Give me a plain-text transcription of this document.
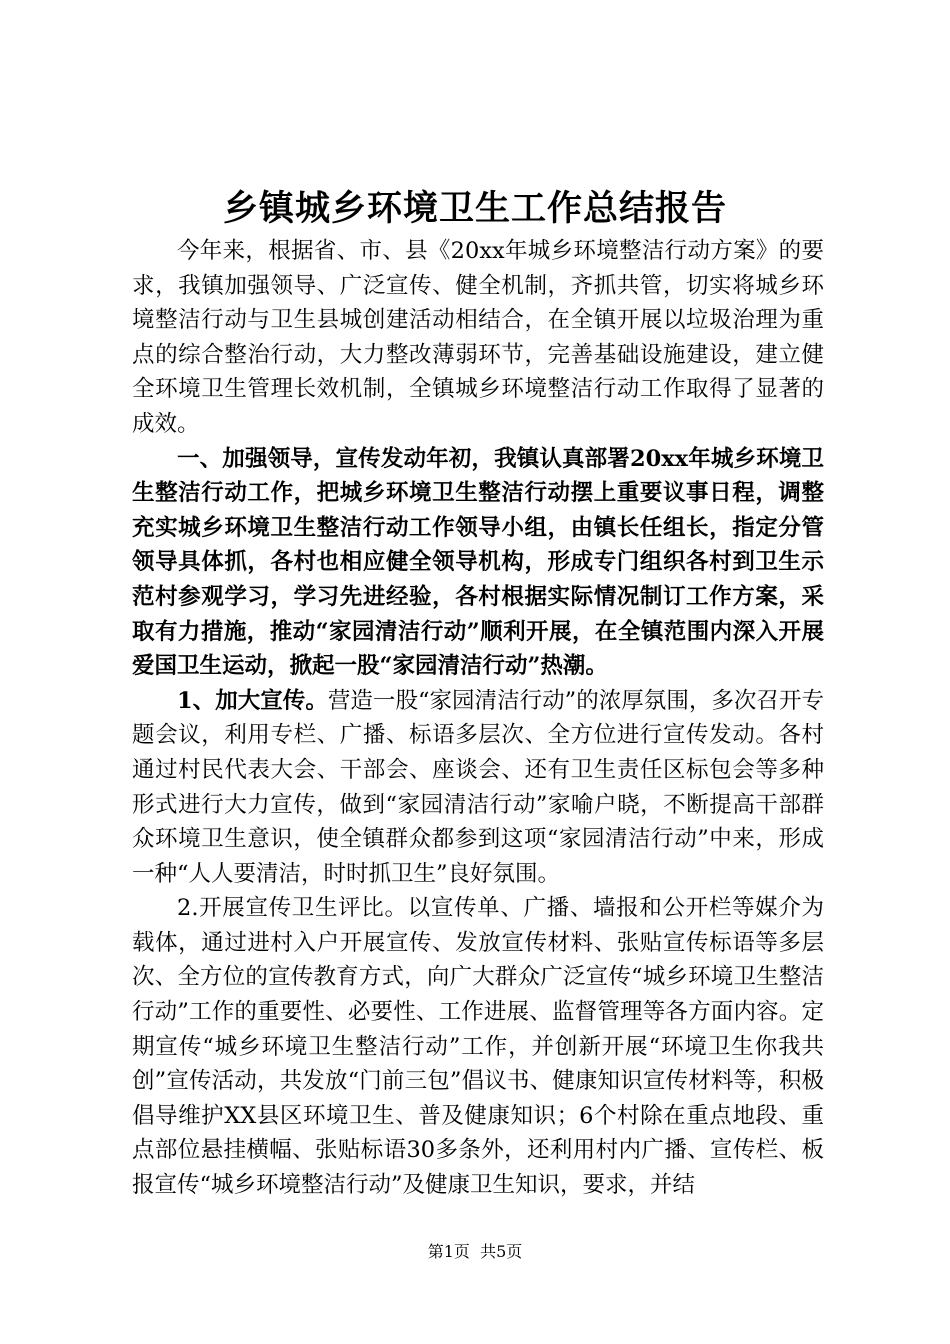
乡镇城乡环境卫生工作总结报告

今年来，根据省、市、县《20xx年城乡环境整洁行动方案》的要求，我镇加强领导、广泛宣传、健全机制，齐抓共管，切实将城乡环境整洁行动与卫生县城创建活动相结合，在全镇开展以垃圾治理为重点的综合整治行动，大力整改薄弱环节，完善基础设施建设，建立健全环境卫生管理长效机制，全镇城乡环境整洁行动工作取得了显著的成效。

一、加强领导，宣传发动年初，我镇认真部署20xx年城乡环境卫生整洁行动工作，把城乡环境卫生整洁行动摆上重要议事日程，调整充实城乡环境卫生整洁行动工作领导小组，由镇长任组长，指定分管领导具体抓，各村也相应健全领导机构，形成专门组织各村到卫生示范村参观学习，学习先进经验，各村根据实际情况制订工作方案，采取有力措施，推动“家园清洁行动”顺利开展，在全镇范围内深入开展爱国卫生运动，掀起一股“家园清洁行动”热潮。

1、加大宣传。营造一股“家园清洁行动”的浓厚氛围，多次召开专题会议，利用专栏、广播、标语多层次、全方位进行宣传发动。各村通过村民代表大会、干部会、座谈会、还有卫生责任区标包会等多种形式进行大力宣传，做到“家园清洁行动”家喻户晓，不断提高干部群众环境卫生意识，使全镇群众都参到这项“家园清洁行动”中来，形成一种“人人要清洁，时时抓卫生”良好氛围。

2.开展宣传卫生评比。以宣传单、广播、墙报和公开栏等媒介为载体，通过进村入户开展宣传、发放宣传材料、张贴宣传标语等多层次、全方位的宣传教育方式，向广大群众广泛宣传“城乡环境卫生整洁行动”工作的重要性、必要性、工作进展、监督管理等各方面内容。定期宣传“城乡环境卫生整洁行动”工作，并创新开展“环境卫生你我共创”宣传活动，共发放“门前三包”倡议书、健康知识宣传材料等，积极倡导维护XX县区环境卫生、普及健康知识；6个村除在重点地段、重点部位悬挂横幅、张贴标语30多条外，还利用村内广播、宣传栏、板报宣传“城乡环境整洁行动”及健康卫生知识，要求，并结

第1页  共5页
